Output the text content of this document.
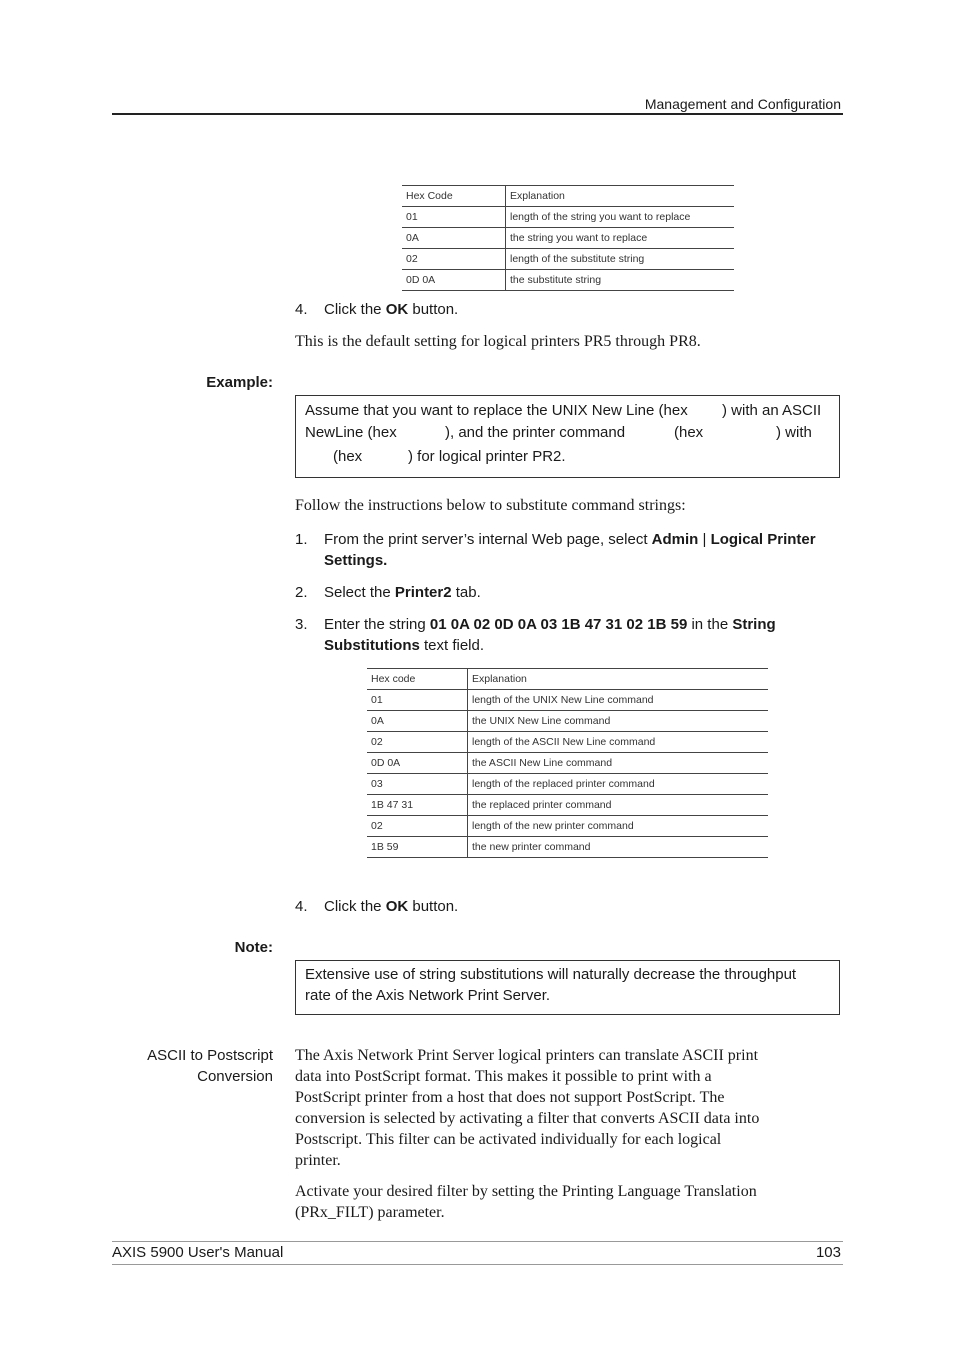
Management and Configuration
Hex Code	Explanation
01	length of the string you want to replace
0A	the string you want to replace
02	length of the substitute string
0D 0A	the substitute string
4. Click the OK button.
This is the default setting for logical printers PR5 through PR8.
Example:
Assume that you want to replace the UNIX New Line (hex ) with an ASCII
NewLine (hex	), and the printer command	(hex	) with
(hex	) for logical printer PR2.
Follow the instructions below to substitute command strings:
1. From the print server’s internal Web page, select Admin | Logical Printer
Settings.
2. Select the Printer2 tab.
3. Enter the string 01 0A 02 0D 0A 03 1B 47 31 02 1B 59 in the String
Substitutions text field.
Hex code	Explanation
01	length of the UNIX New Line command
0A	the UNIX New Line command
02	length of the ASCII New Line command
0D 0A	the ASCII New Line command
03	length of the replaced printer command
1B 47 31	the replaced printer command
02	length of the new printer command
1B 59	the new printer command
4. Click the OK button.
Note:
Extensive use of string substitutions will naturally decrease the throughput
rate of the Axis Network Print Server.
ASCII to Postscript
Conversion
The Axis Network Print Server logical printers can translate ASCII print
data into PostScript format. This makes it possible to print with a
PostScript printer from a host that does not support PostScript. The
conversion is selected by activating a filter that converts ASCII data into
Postscript. This filter can be activated individually for each logical
printer.
Activate your desired filter by setting the Printing Language Translation
(PRx_FILT) parameter.
AXIS 5900 User's Manual	103
